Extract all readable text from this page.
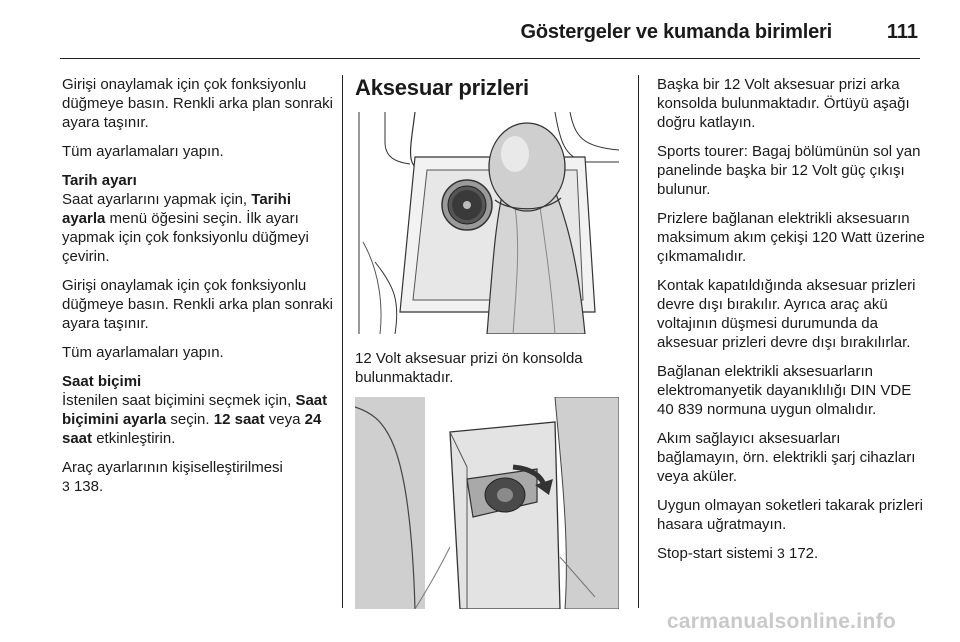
Göstergeler ve kumanda birimleri	111

Girişi onaylamak için çok fonksiyonlu düğmeye basın. Renkli arka plan sonraki ayara taşınır.

Tüm ayarlamaları yapın.

Tarih ayarı

Saat ayarlarını yapmak için, Tarihi ayarla menü öğesini seçin. İlk ayarı yapmak için çok fonksiyonlu düğmeyi çevirin.

Girişi onaylamak için çok fonksiyonlu düğmeye basın. Renkli arka plan sonraki ayara taşınır.

Tüm ayarlamaları yapın.

Saat biçimi

İstenilen saat biçimini seçmek için, Saat biçimini ayarla seçin. 12 saat veya 24 saat etkinleştirin.

Araç ayarlarının kişiselleştirilmesi
3 138.

Aksesuar prizleri

12 Volt aksesuar prizi ön konsolda bulunmaktadır.

Başka bir 12 Volt aksesuar prizi arka konsolda bulunmaktadır. Örtüyü aşağı doğru katlayın.

Sports tourer: Bagaj bölümünün sol yan panelinde başka bir 12 Volt güç çıkışı bulunur.

Prizlere bağlanan elektrikli aksesuarın maksimum akım çekişi 120 Watt üzerine çıkmamalıdır.

Kontak kapatıldığında aksesuar prizleri devre dışı bırakılır. Ayrıca araç akü voltajının düşmesi durumunda da aksesuar prizleri devre dışı bırakılırlar.

Bağlanan elektrikli aksesuarların elektromanyetik dayanıklılığı DIN VDE 40 839 normuna uygun olmalıdır.

Akım sağlayıcı aksesuarları bağlamayın, örn. elektrikli şarj cihazları veya aküler.

Uygun olmayan soketleri takarak prizleri hasara uğratmayın.

Stop-start sistemi 3 172.

carmanualsonline.info
